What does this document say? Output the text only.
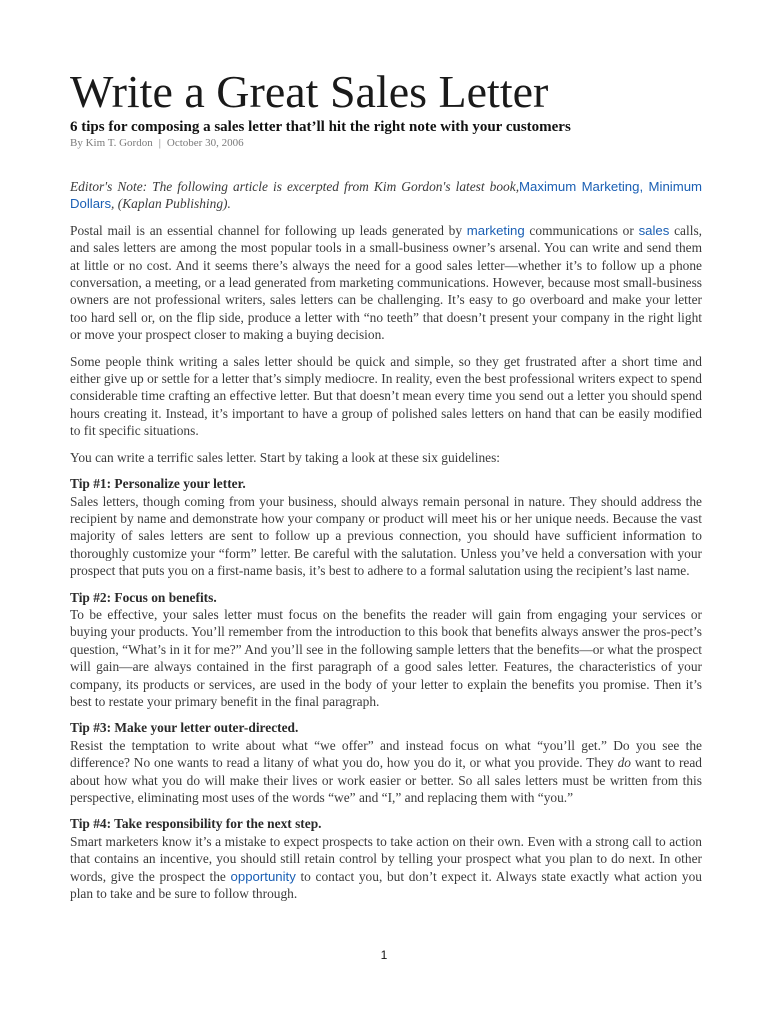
Write a Great Sales Letter
6 tips for composing a sales letter that’ll hit the right note with your customers
By Kim T. Gordon | October 30, 2006

Editor's Note: The following article is excerpted from Kim Gordon's latest book,Maximum Marketing, Minimum Dollars, (Kaplan Publishing).

Postal mail is an essential channel for following up leads generated by marketing communications or sales calls, and sales letters are among the most popular tools in a small-business owner’s arsenal. You can write and send them at little or no cost. And it seems there’s always the need for a good sales letter—whether it’s to follow up a phone conversation, a meeting, or a lead generated from marketing communications. However, because most small-business owners are not professional writers, sales letters can be challenging. It’s easy to go overboard and make your letter too hard sell or, on the flip side, produce a letter with “no teeth” that doesn’t present your company in the right light or move your prospect closer to making a buying decision.

Some people think writing a sales letter should be quick and simple, so they get frustrated after a short time and either give up or settle for a letter that’s simply mediocre. In reality, even the best professional writers expect to spend considerable time crafting an effective letter. But that doesn’t mean every time you send out a letter you should spend hours creating it. Instead, it’s important to have a group of polished sales letters on hand that can be easily modified to fit specific situations.

You can write a terrific sales letter. Start by taking a look at these six guidelines:

Tip #1: Personalize your letter.
Sales letters, though coming from your business, should always remain personal in nature. They should address the recipient by name and demonstrate how your company or product will meet his or her unique needs. Because the vast majority of sales letters are sent to follow up a previous connection, you should have sufficient information to thoroughly customize your “form” letter. Be careful with the salutation. Unless you’ve held a conversation with your prospect that puts you on a first-name basis, it’s best to adhere to a formal salutation using the recipient’s last name.

Tip #2: Focus on benefits.
To be effective, your sales letter must focus on the benefits the reader will gain from engaging your services or buying your products. You’ll remember from the introduction to this book that benefits always answer the pros-pect’s question, “What’s in it for me?” And you’ll see in the following sample letters that the benefits—or what the prospect will gain—are always contained in the first paragraph of a good sales letter. Features, the characteristics of your company, its products or services, are used in the body of your letter to explain the benefits you promise. Then it’s best to restate your primary benefit in the final paragraph.

Tip #3: Make your letter outer-directed.
Resist the temptation to write about what “we offer” and instead focus on what “you’ll get.” Do you see the difference? No one wants to read a litany of what you do, how you do it, or what you provide. They do want to read about how what you do will make their lives or work easier or better. So all sales letters must be written from this perspective, eliminating most uses of the words “we” and “I,” and replacing them with “you.”

Tip #4: Take responsibility for the next step.
Smart marketers know it’s a mistake to expect prospects to take action on their own. Even with a strong call to action that contains an incentive, you should still retain control by telling your prospect what you plan to do next. In other words, give the prospect the opportunity to contact you, but don’t expect it. Always state exactly what action you plan to take and be sure to follow through.

1
